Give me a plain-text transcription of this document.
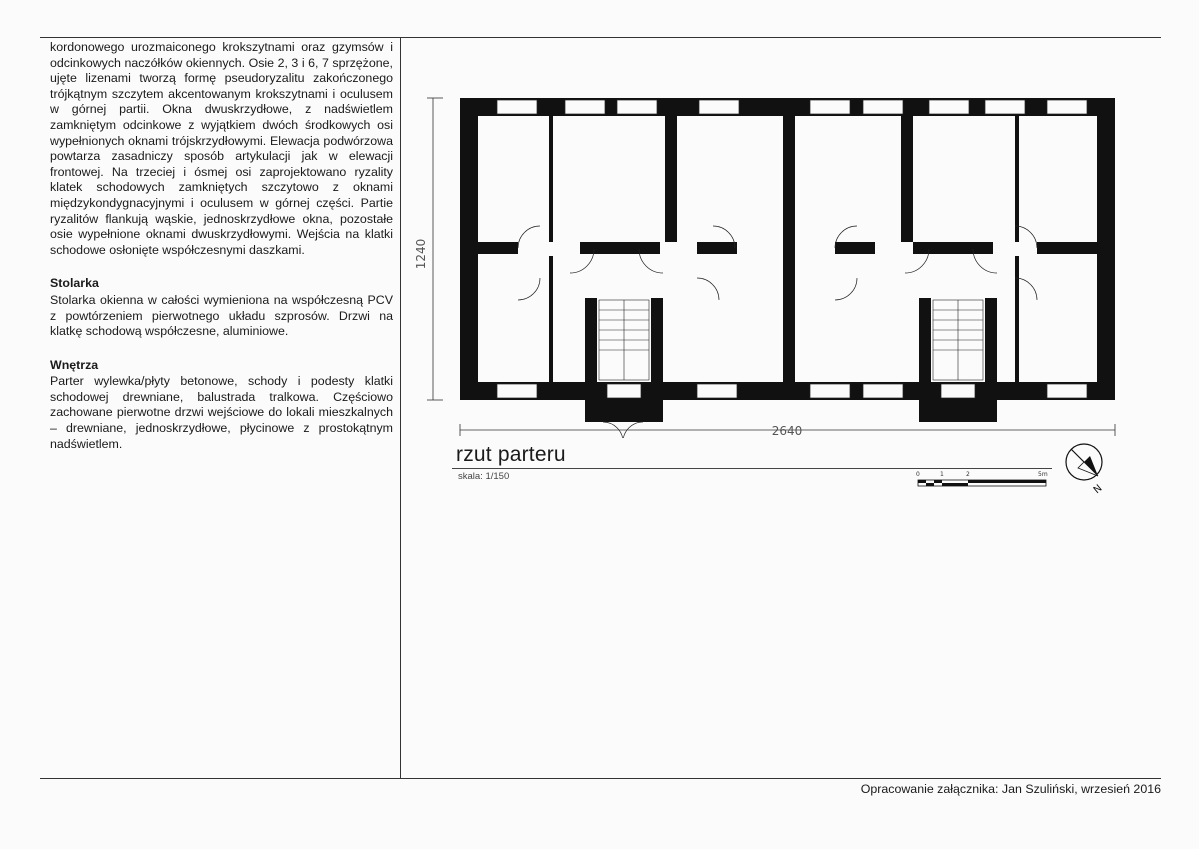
kordonowego urozmaiconego krokszytnami oraz gzymsów i odcinkowych naczółków okiennych. Osie 2, 3 i 6, 7 sprzężone, ujęte lizenami tworzą formę pseudoryzalitu zakończonego trójkątnym szczytem akcentowanym krokszytnami i oculusem w górnej partii. Okna dwuskrzydłowe, z nadświetlem zamkniętym odcinkowe z wyjątkiem dwóch środkowych osi wypełnionych oknami trójskrzydłowymi. Elewacja podwórzowa powtarza zasadniczy sposób artykulacji jak w elewacji frontowej. Na trzeciej i ósmej osi zaprojektowano ryzality klatek schodowych zamkniętych szczytowo z oknami międzykondygnacyjnymi i oculusem w górnej części. Partie ryzalitów flankują wąskie, jednoskrzydłowe okna, pozostałe osie wypełnione oknami dwuskrzydłowymi. Wejścia na klatki schodowe osłonięte współczesnymi daszkami.

Stolarka

Stolarka okienna w całości wymieniona na współczesną PCV z powtórzeniem pierwotnego układu szprosów. Drzwi na klatkę schodową współczesne, aluminiowe.

Wnętrza

Parter wylewka/płyty betonowe, schody i podesty klatki schodowej drewniane, balustrada tralkowa. Częściowo zachowane pierwotne drzwi wejściowe do lokali mieszkalnych – drewniane, jednoskrzydłowe, płycinowe z prostokątnym nadświetlem.

1240
2640
rzut parteru
skala: 1/150	0	1	2	5m
N
Opracowanie załącznika: Jan Szuliński, wrzesień 2016
